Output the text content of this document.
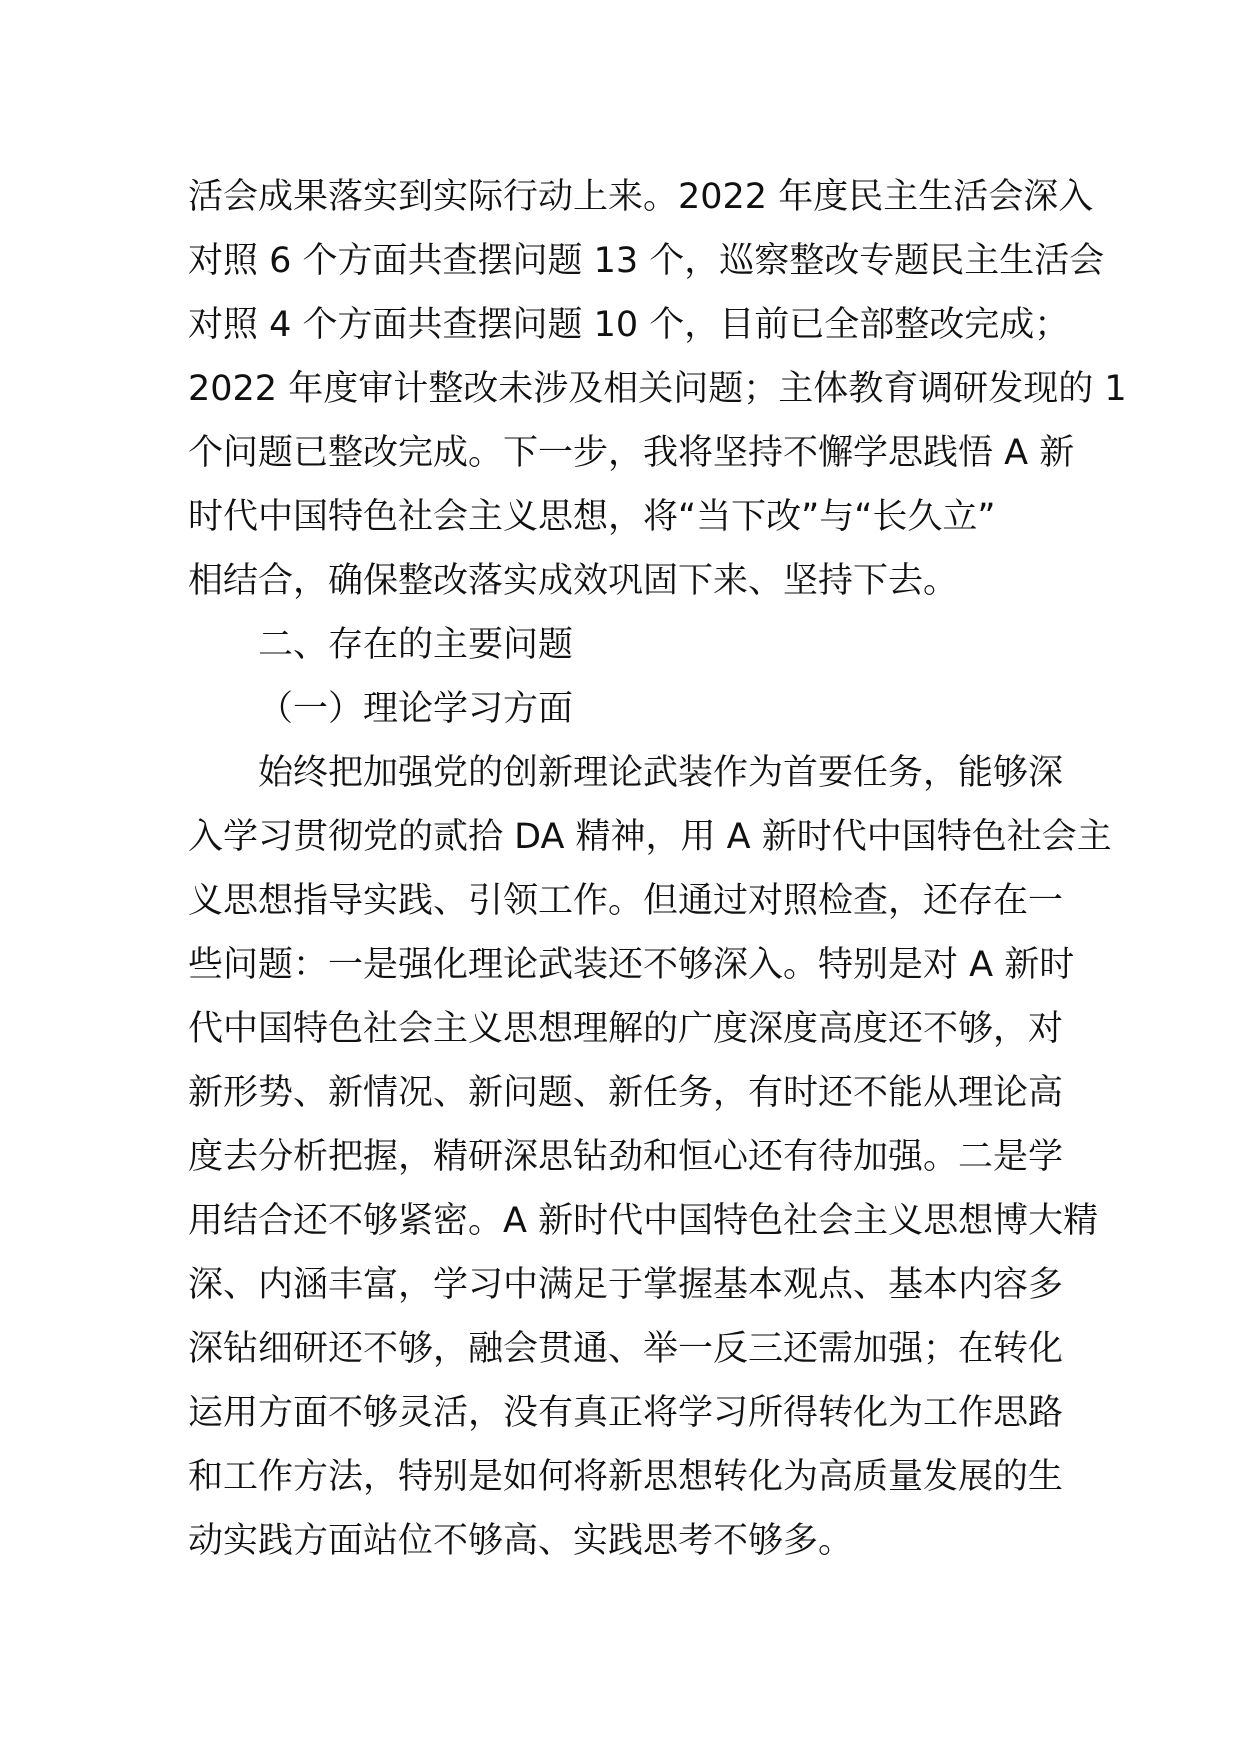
活会成果落实到实际行动上来。2022 年度民主生活会深入
对照 6 个方面共查摆问题 13 个，巡察整改专题民主生活会
对照 4 个方面共查摆问题 10 个，目前已全部整改完成；
2022 年度审计整改未涉及相关问题；主体教育调研发现的 1
个问题已整改完成。下一步，我将坚持不懈学思践悟 A 新
时代中国特色社会主义思想，将“当下改”与“长久立”
相结合，确保整改落实成效巩固下来、坚持下去。
二、存在的主要问题
（一）理论学习方面
始终把加强党的创新理论武装作为首要任务，能够深
入学习贯彻党的贰拾 DA 精神，用 A 新时代中国特色社会主
义思想指导实践、引领工作。但通过对照检查，还存在一
些问题：一是强化理论武装还不够深入。特别是对 A 新时
代中国特色社会主义思想理解的广度深度高度还不够，对
新形势、新情况、新问题、新任务，有时还不能从理论高
度去分析把握，精研深思钻劲和恒心还有待加强。二是学
用结合还不够紧密。A 新时代中国特色社会主义思想博大精
深、内涵丰富，学习中满足于掌握基本观点、基本内容多
深钻细研还不够，融会贯通、举一反三还需加强；在转化
运用方面不够灵活，没有真正将学习所得转化为工作思路
和工作方法，特别是如何将新思想转化为高质量发展的生
动实践方面站位不够高、实践思考不够多。
